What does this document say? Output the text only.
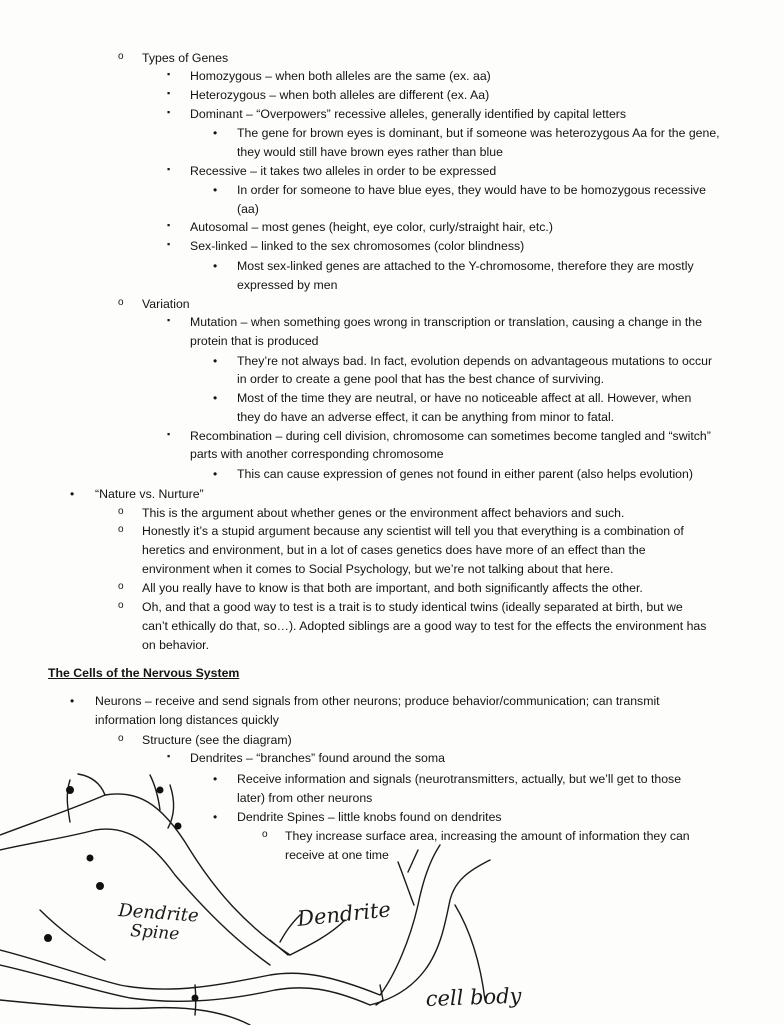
o Types of Genes
▪ Homozygous – when both alleles are the same (ex. aa)
▪ Heterozygous – when both alleles are different (ex. Aa)
▪ Dominant – “Overpowers” recessive alleles, generally identified by capital letters
• The gene for brown eyes is dominant, but if someone was heterozygous Aa for the gene,
they would still have brown eyes rather than blue
▪ Recessive – it takes two alleles in order to be expressed
• In order for someone to have blue eyes, they would have to be homozygous recessive
(aa)
▪ Autosomal – most genes (height, eye color, curly/straight hair, etc.)
▪ Sex-linked – linked to the sex chromosomes (color blindness)
• Most sex-linked genes are attached to the Y-chromosome, therefore they are mostly
expressed by men
o Variation
▪ Mutation – when something goes wrong in transcription or translation, causing a change in the
protein that is produced
• They’re not always bad. In fact, evolution depends on advantageous mutations to occur
in order to create a gene pool that has the best chance of surviving.
• Most of the time they are neutral, or have no noticeable affect at all. However, when
they do have an adverse effect, it can be anything from minor to fatal.
▪ Recombination – during cell division, chromosome can sometimes become tangled and “switch”
parts with another corresponding chromosome
• This can cause expression of genes not found in either parent (also helps evolution)
• “Nature vs. Nurture”
o This is the argument about whether genes or the environment affect behaviors and such.
o Honestly it’s a stupid argument because any scientist will tell you that everything is a combination of
heretics and environment, but in a lot of cases genetics does have more of an effect than the
environment when it comes to Social Psychology, but we’re not talking about that here.
o All you really have to know is that both are important, and both significantly affects the other.
o Oh, and that a good way to test is a trait is to study identical twins (ideally separated at birth, but we
can’t ethically do that, so…). Adopted siblings are a good way to test for the effects the environment has
on behavior.
The Cells of the Nervous System
• Neurons – receive and send signals from other neurons; produce behavior/communication; can transmit
information long distances quickly
o Structure (see the diagram)
▪ Dendrites – “branches” found around the soma
• Receive information and signals (neurotransmitters, actually, but we’ll get to those
later) from other neurons
• Dendrite Spines – little knobs found on dendrites
o They increase surface area, increasing the amount of information they can
receive at one time
Dendrite
Spine
Dendrite
cell body
